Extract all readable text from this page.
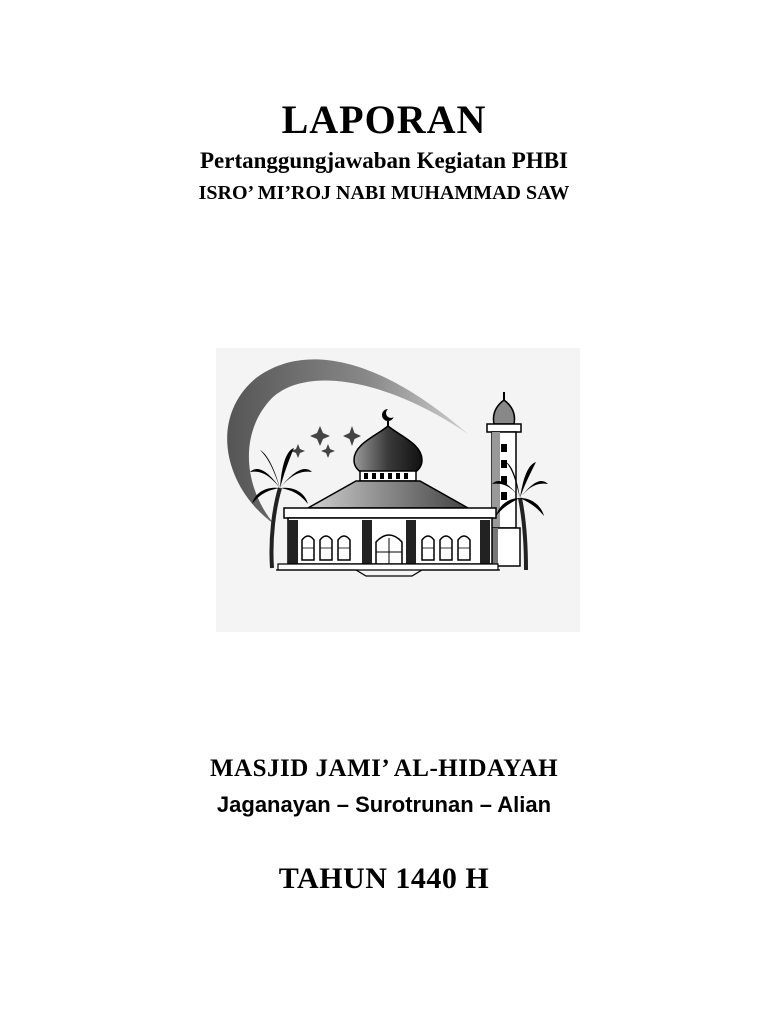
LAPORAN
Pertanggungjawaban Kegiatan PHBI
ISRO’ MI’ROJ NABI MUHAMMAD SAW
MASJID JAMI’ AL-HIDAYAH
Jaganayan – Surotrunan – Alian
TAHUN 1440 H
